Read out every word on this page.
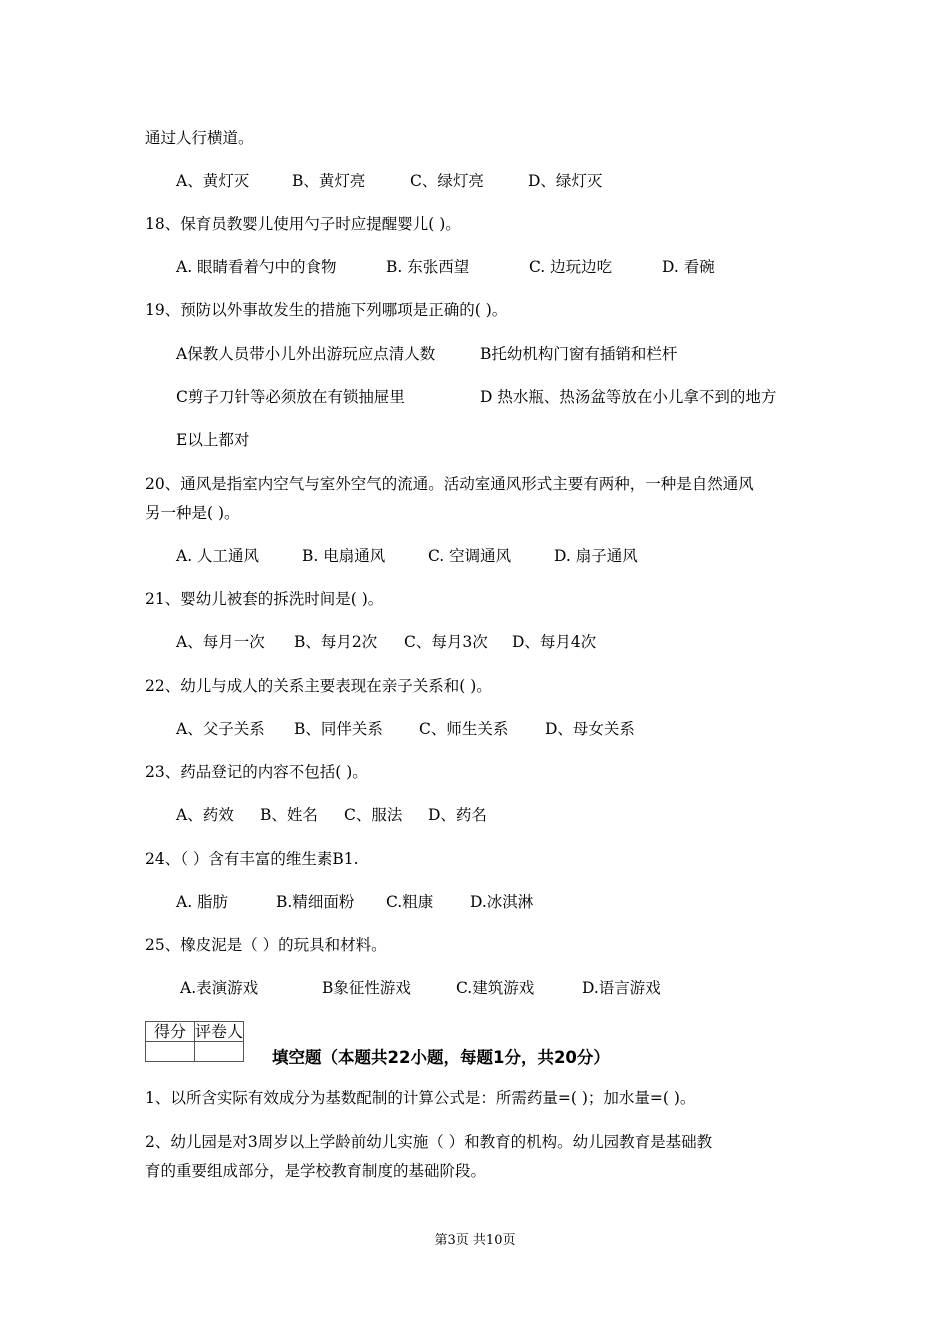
通过人行横道。
A、黄灯灭	B、黄灯亮	C、绿灯亮	D、绿灯灭
18、保育员教婴儿使用勺子时应提醒婴儿( )。
A. 眼睛看着勺中的食物	B. 东张西望	C. 边玩边吃	D. 看碗
19、预防以外事故发生的措施下列哪项是正确的( )。
A保教人员带小儿外出游玩应点清人数	B托幼机构门窗有插销和栏杆
C剪子刀针等必须放在有锁抽屉里	D 热水瓶、热汤盆等放在小儿拿不到的地方
E以上都对
20、通风是指室内空气与室外空气的流通。活动室通风形式主要有两种，一种是自然通风
另一种是( )。
A. 人工通风	B. 电扇通风	C. 空调通风	D. 扇子通风
21、婴幼儿被套的拆洗时间是( )。
A、每月一次 B、每月2次 C、每月3次 D、每月4次
22、幼儿与成人的关系主要表现在亲子关系和( )。
A、父子关系 B、同伴关系 C、师生关系 D、母女关系
23、药品登记的内容不包括( )。
A、药效 B、姓名 C、服法 D、药名
24、（ ）含有丰富的维生素B1.
A. 脂肪	B.精细面粉 C.粗康 D.冰淇淋
25、橡皮泥是（ ）的玩具和材料。
A.表演游戏	B象征性游戏	C.建筑游戏	D.语言游戏
得分	评卷人

填空题（本题共22小题，每题1分，共20分）
1、以所含实际有效成分为基数配制的计算公式是：所需药量=( )；加水量=( )。
2、幼儿园是对3周岁以上学龄前幼儿实施（ ）和教育的机构。幼儿园教育是基础教
育的重要组成部分，是学校教育制度的基础阶段。
第3页 共10页
